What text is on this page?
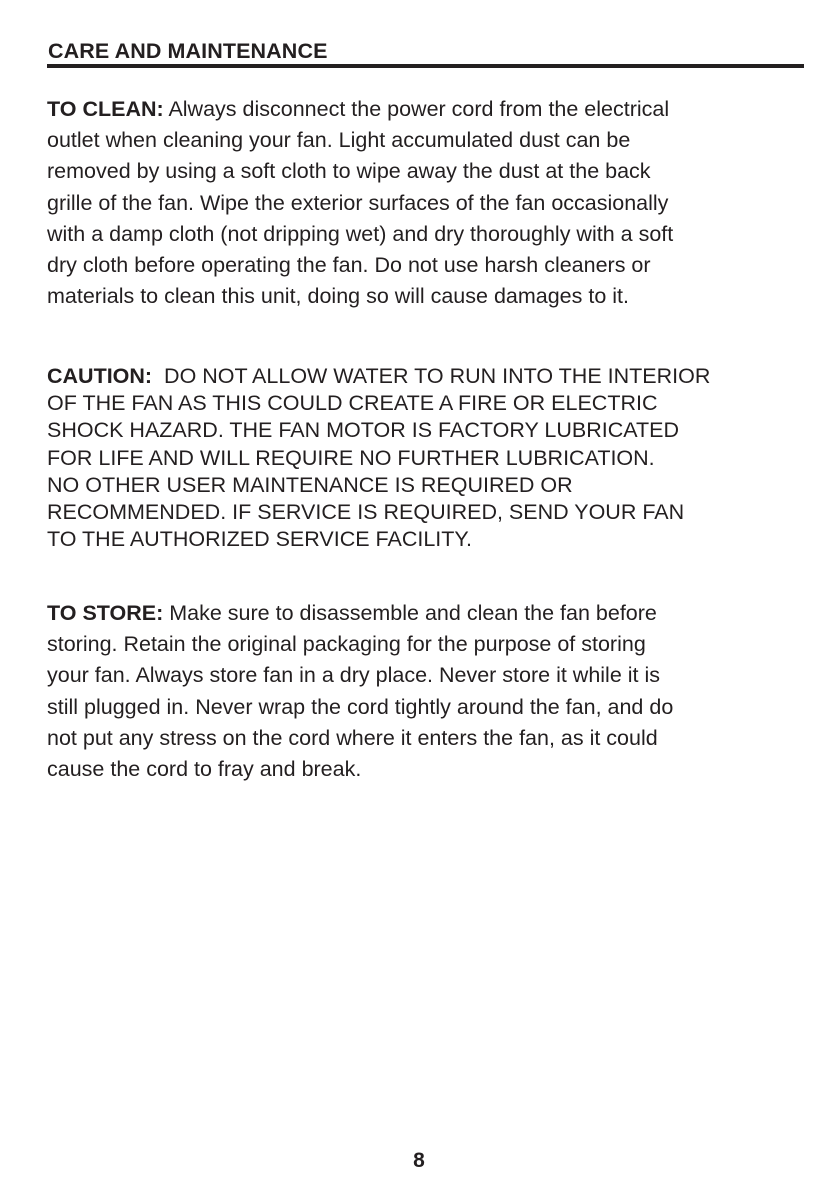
CARE AND MAINTENANCE
TO CLEAN: Always disconnect the power cord from the electrical
outlet when cleaning your fan. Light accumulated dust can be
removed by using a soft cloth to wipe away the dust at the back
grille of the fan. Wipe the exterior surfaces of the fan occasionally
with a damp cloth (not dripping wet) and dry thoroughly with a soft
dry cloth before operating the fan. Do not use harsh cleaners or
materials to clean this unit, doing so will cause damages to it.
CAUTION:  DO NOT ALLOW WATER TO RUN INTO THE INTERIOR
OF THE FAN AS THIS COULD CREATE A FIRE OR ELECTRIC
SHOCK HAZARD. THE FAN MOTOR IS FACTORY LUBRICATED
FOR LIFE AND WILL REQUIRE NO FURTHER LUBRICATION.
NO OTHER USER MAINTENANCE IS REQUIRED OR
RECOMMENDED. IF SERVICE IS REQUIRED, SEND YOUR FAN
TO THE AUTHORIZED SERVICE FACILITY.
TO STORE: Make sure to disassemble and clean the fan before
storing. Retain the original packaging for the purpose of storing
your fan. Always store fan in a dry place. Never store it while it is
still plugged in. Never wrap the cord tightly around the fan, and do
not put any stress on the cord where it enters the fan, as it could
cause the cord to fray and break.
8
